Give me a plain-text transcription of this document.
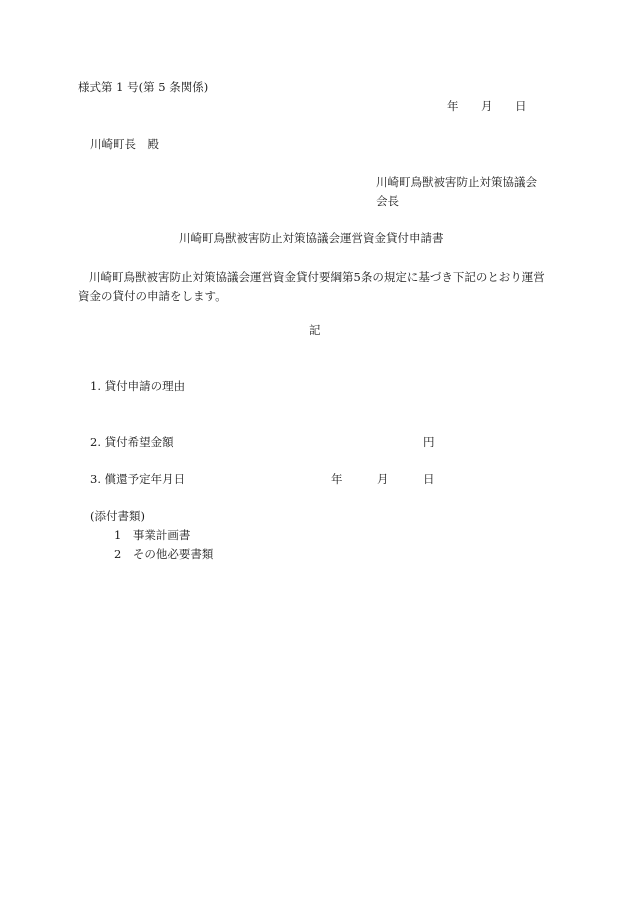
様式第 1 号(第 5 条関係)
年 月 日
川崎町長　殿
川崎町鳥獣被害防止対策協議会
会長
川崎町鳥獣被害防止対策協議会運営資金貸付申請書
川崎町鳥獣被害防止対策協議会運営資金貸付要綱第5条の規定に基づき下記のとおり運営資金の貸付の申請をします。
記
1. 貸付申請の理由
2. 貸付希望金額	円
3. 償還予定年月日	年	月	日
(添付書類)
1　事業計画書
2　その他必要書類
